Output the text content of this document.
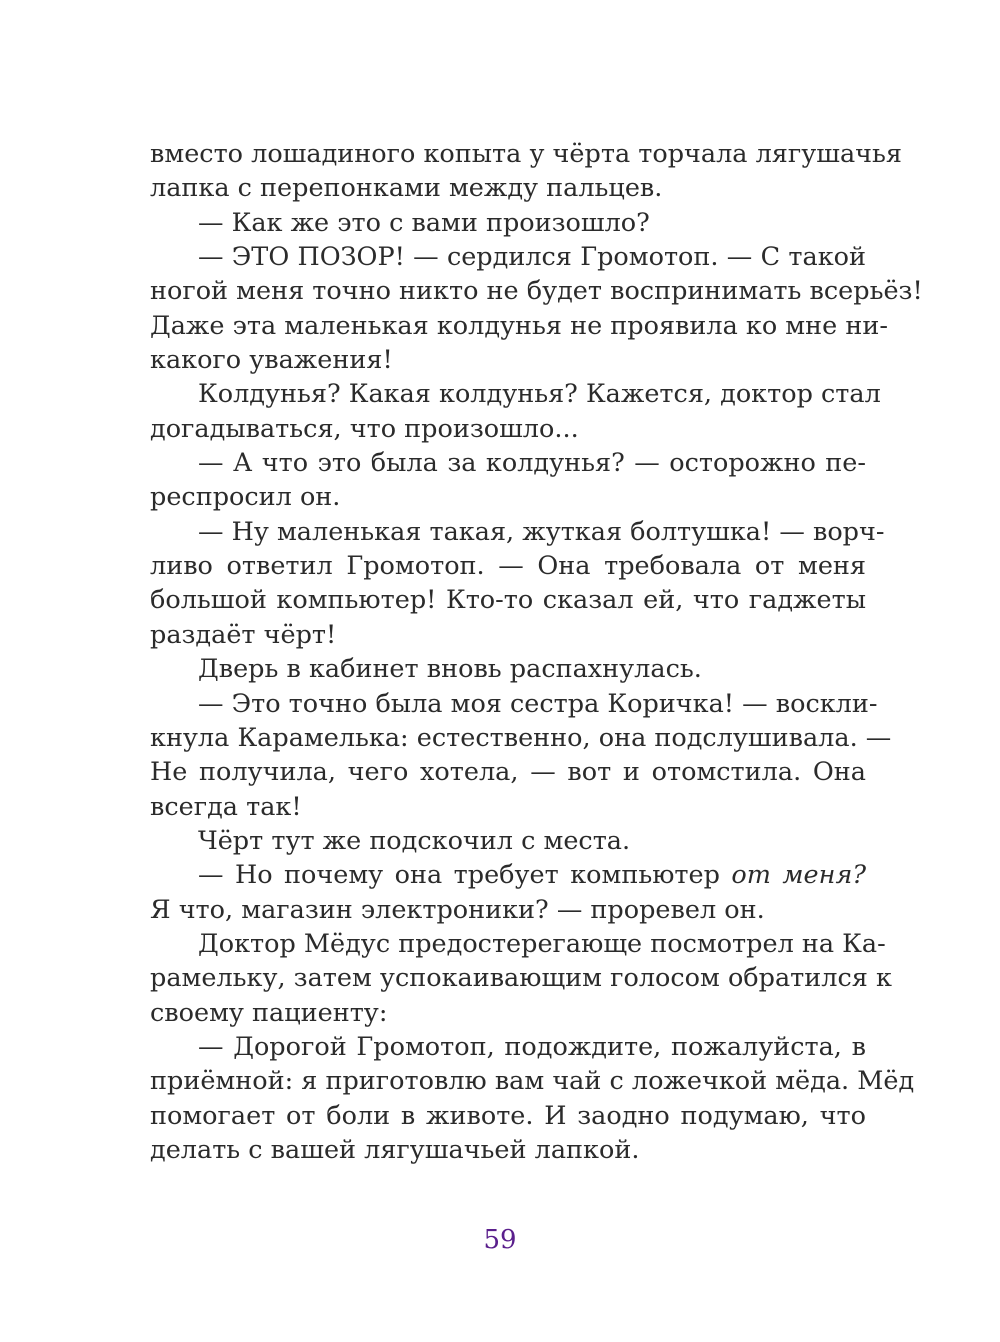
вместо лошадиного копыта у чёрта торчала лягушачья
лапка с перепонками между пальцев.
— Как же это с вами произошло?
— ЭТО ПОЗОР! — сердился Громотоп. — С такой
ногой меня точно никто не будет воспринимать всерьёз!
Даже эта маленькая колдунья не проявила ко мне ни-
какого уважения!
Колдунья? Какая колдунья? Кажется, доктор стал
догадываться, что произошло...
— А что это была за колдунья? — осторожно пе-
респросил он.
— Ну маленькая такая, жуткая болтушка! — ворч-
ливо ответил Громотоп. — Она требовала от меня
большой компьютер! Кто-то сказал ей, что гаджеты
раздаёт чёрт!
Дверь в кабинет вновь распахнулась.
— Это точно была моя сестра Коричка! — воскли-
кнула Карамелька: естественно, она подслушивала. —
Не получила, чего хотела, — вот и отомстила. Она
всегда так!
Чёрт тут же подскочил с места.
— Но почему она требует компьютер от меня?
Я что, магазин электроники? — проревел он.
Доктор Мёдус предостерегающе посмотрел на Ка-
рамельку, затем успокаивающим голосом обратился к
своему пациенту:
— Дорогой Громотоп, подождите, пожалуйста, в
приёмной: я приготовлю вам чай с ложечкой мёда. Мёд
помогает от боли в животе. И заодно подумаю, что
делать с вашей лягушачьей лапкой.
59
